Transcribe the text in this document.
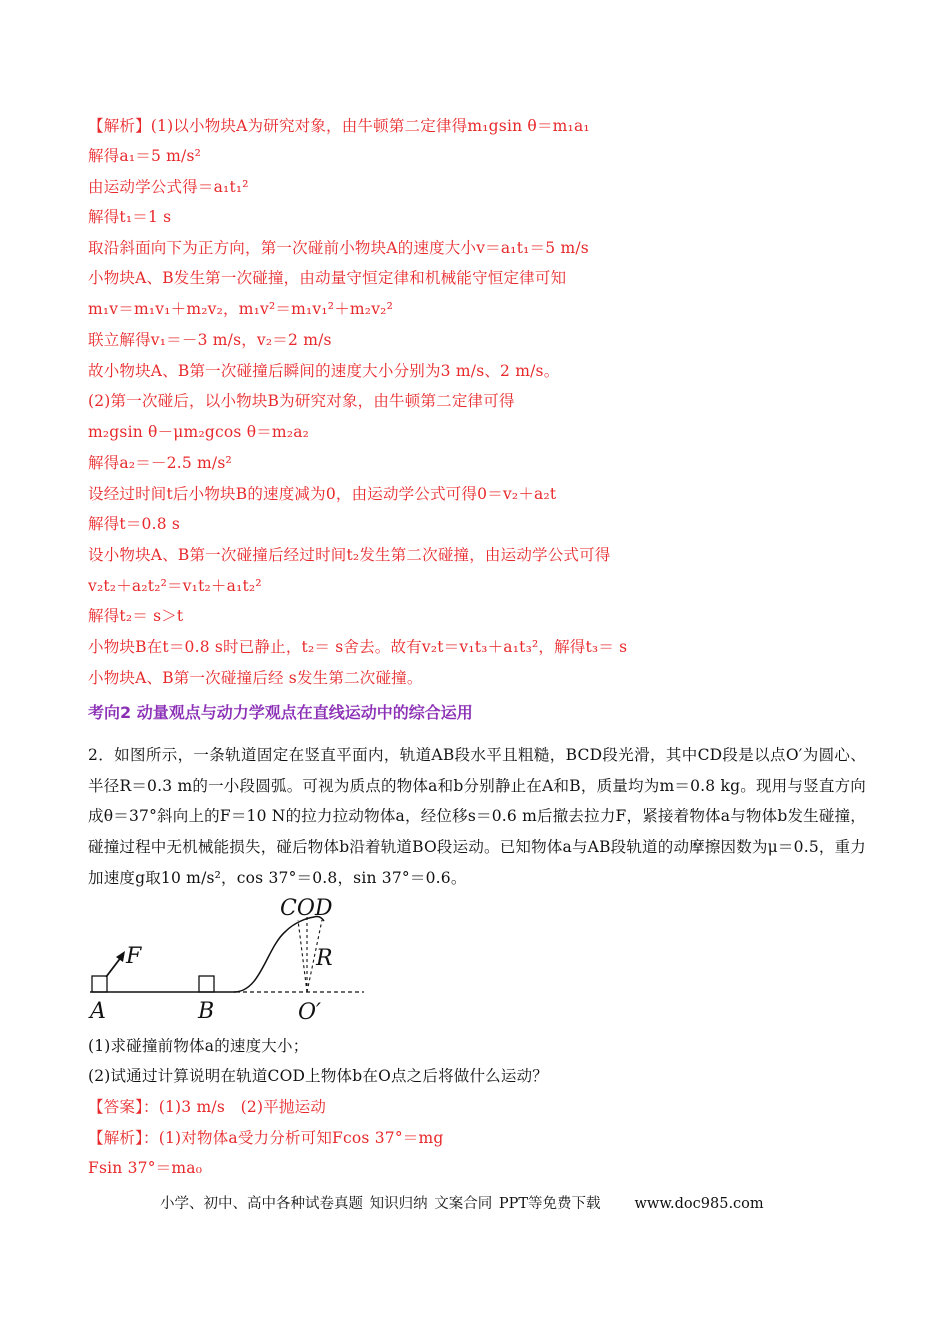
【解析】(1)以小物块A为研究对象，由牛顿第二定律得m₁gsin θ＝m₁a₁
解得a₁＝5 m/s²
由运动学公式得＝a₁t₁²
解得t₁＝1 s
取沿斜面向下为正方向，第一次碰前小物块A的速度大小v＝a₁t₁＝5 m/s
小物块A、B发生第一次碰撞，由动量守恒定律和机械能守恒定律可知
m₁v＝m₁v₁＋m₂v₂，m₁v²＝m₁v₁²＋m₂v₂²
联立解得v₁＝－3 m/s，v₂＝2 m/s
故小物块A、B第一次碰撞后瞬间的速度大小分别为3 m/s、2 m/s。
(2)第一次碰后，以小物块B为研究对象，由牛顿第二定律可得
m₂gsin θ－μm₂gcos θ＝m₂a₂
解得a₂＝－2.5 m/s²
设经过时间t后小物块B的速度减为0，由运动学公式可得0＝v₂＋a₂t
解得t＝0.8 s
设小物块A、B第一次碰撞后经过时间t₂发生第二次碰撞，由运动学公式可得
v₂t₂＋a₂t₂²＝v₁t₂＋a₁t₂²
解得t₂＝ s＞t
小物块B在t＝0.8 s时已静止，t₂＝ s舍去。故有v₂t＝v₁t₃＋a₁t₃²，解得t₃＝ s
小物块A、B第一次碰撞后经 s发生第二次碰撞。
考向2 动量观点与动力学观点在直线运动中的综合运用
2．如图所示，一条轨道固定在竖直平面内，轨道AB段水平且粗糙，BCD段光滑，其中CD段是以点O′为圆心、半径R＝0.3 m的一小段圆弧。可视为质点的物体a和b分别静止在A和B，质量均为m＝0.8 kg。现用与竖直方向成θ＝37°斜向上的F＝10 N的拉力拉动物体a，经位移s＝0.6 m后撤去拉力F，紧接着物体a与物体b发生碰撞，碰撞过程中无机械能损失，碰后物体b沿着轨道BO段运动。已知物体a与AB段轨道的动摩擦因数为μ＝0.5，重力加速度g取10 m/s²，cos 37°＝0.8，sin 37°＝0.6。
F
A	B
COD
R
O′
(1)求碰撞前物体a的速度大小；
(2)试通过计算说明在轨道COD上物体b在O点之后将做什么运动？
【答案】：(1)3 m/s　(2)平抛运动
【解析】：(1)对物体a受力分析可知Fcos 37°＝mg
Fsin 37°＝ma₀
小学、初中、高中各种试卷真题 知识归纳 文案合同 PPT等免费下载 www.doc985.com
